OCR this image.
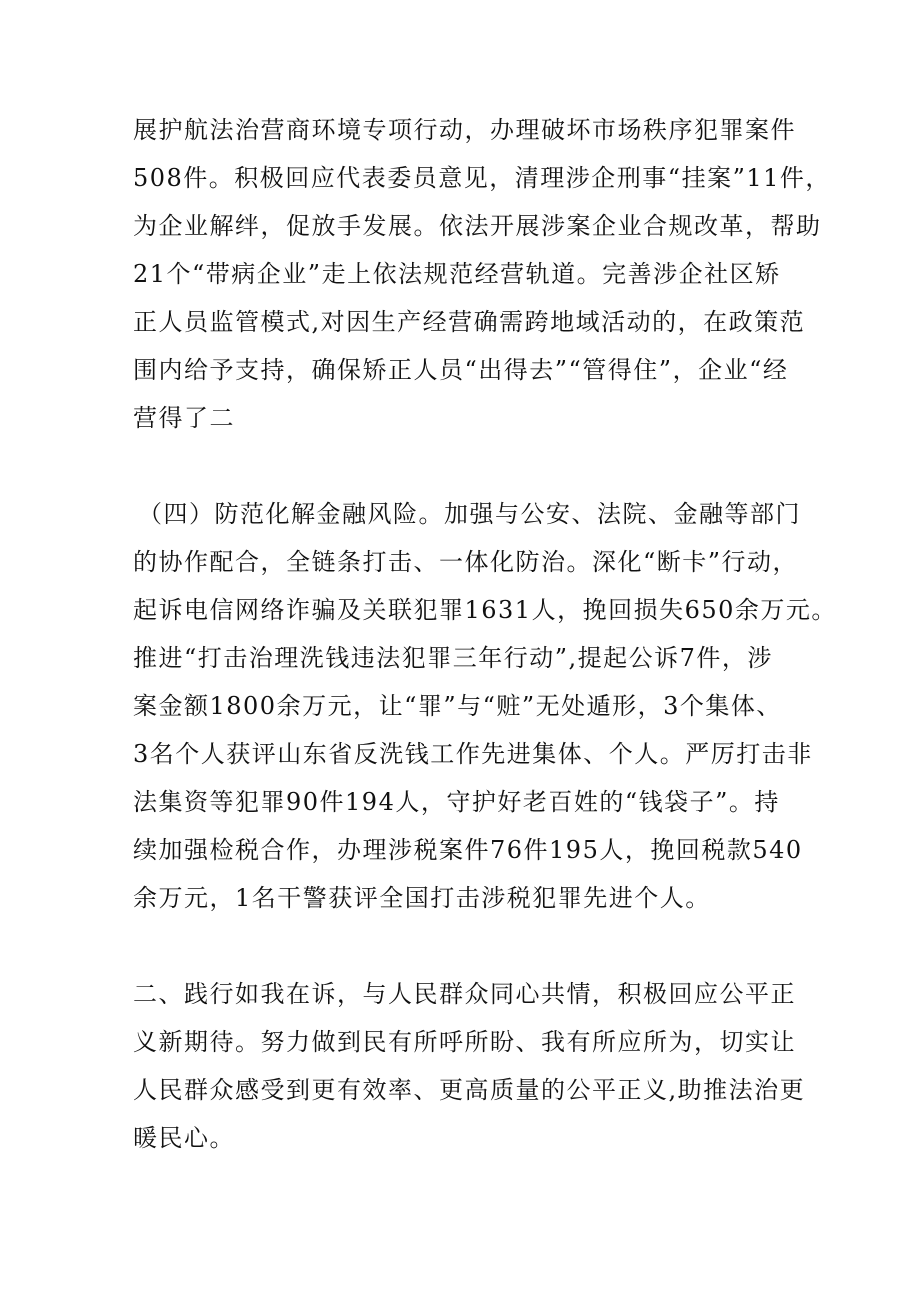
展护航法治营商环境专项行动，办理破坏市场秩序犯罪案件
508件。积极回应代表委员意见，清理涉企刑事“挂案”11件，
为企业解绊，促放手发展。依法开展涉案企业合规改革，帮助
21个“带病企业”走上依法规范经营轨道。完善涉企社区矫
正人员监管模式,对因生产经营确需跨地域活动的，在政策范
围内给予支持，确保矫正人员“出得去”“管得住”，企业“经
营得了二
（四）防范化解金融风险。加强与公安、法院、金融等部门
的协作配合，全链条打击、一体化防治。深化“断卡”行动，
起诉电信网络诈骗及关联犯罪1631人，挽回损失650余万元。
推进“打击治理洗钱违法犯罪三年行动”,提起公诉7件，涉
案金额1800余万元，让“罪”与“赃”无处遁形，3个集体、
3名个人获评山东省反洗钱工作先进集体、个人。严厉打击非
法集资等犯罪90件194人，守护好老百姓的“钱袋子”。持
续加强检税合作，办理涉税案件76件195人，挽回税款540
余万元，1名干警获评全国打击涉税犯罪先进个人。
二、践行如我在诉，与人民群众同心共情，积极回应公平正
义新期待。努力做到民有所呼所盼、我有所应所为，切实让
人民群众感受到更有效率、更高质量的公平正义,助推法治更
暖民心。
